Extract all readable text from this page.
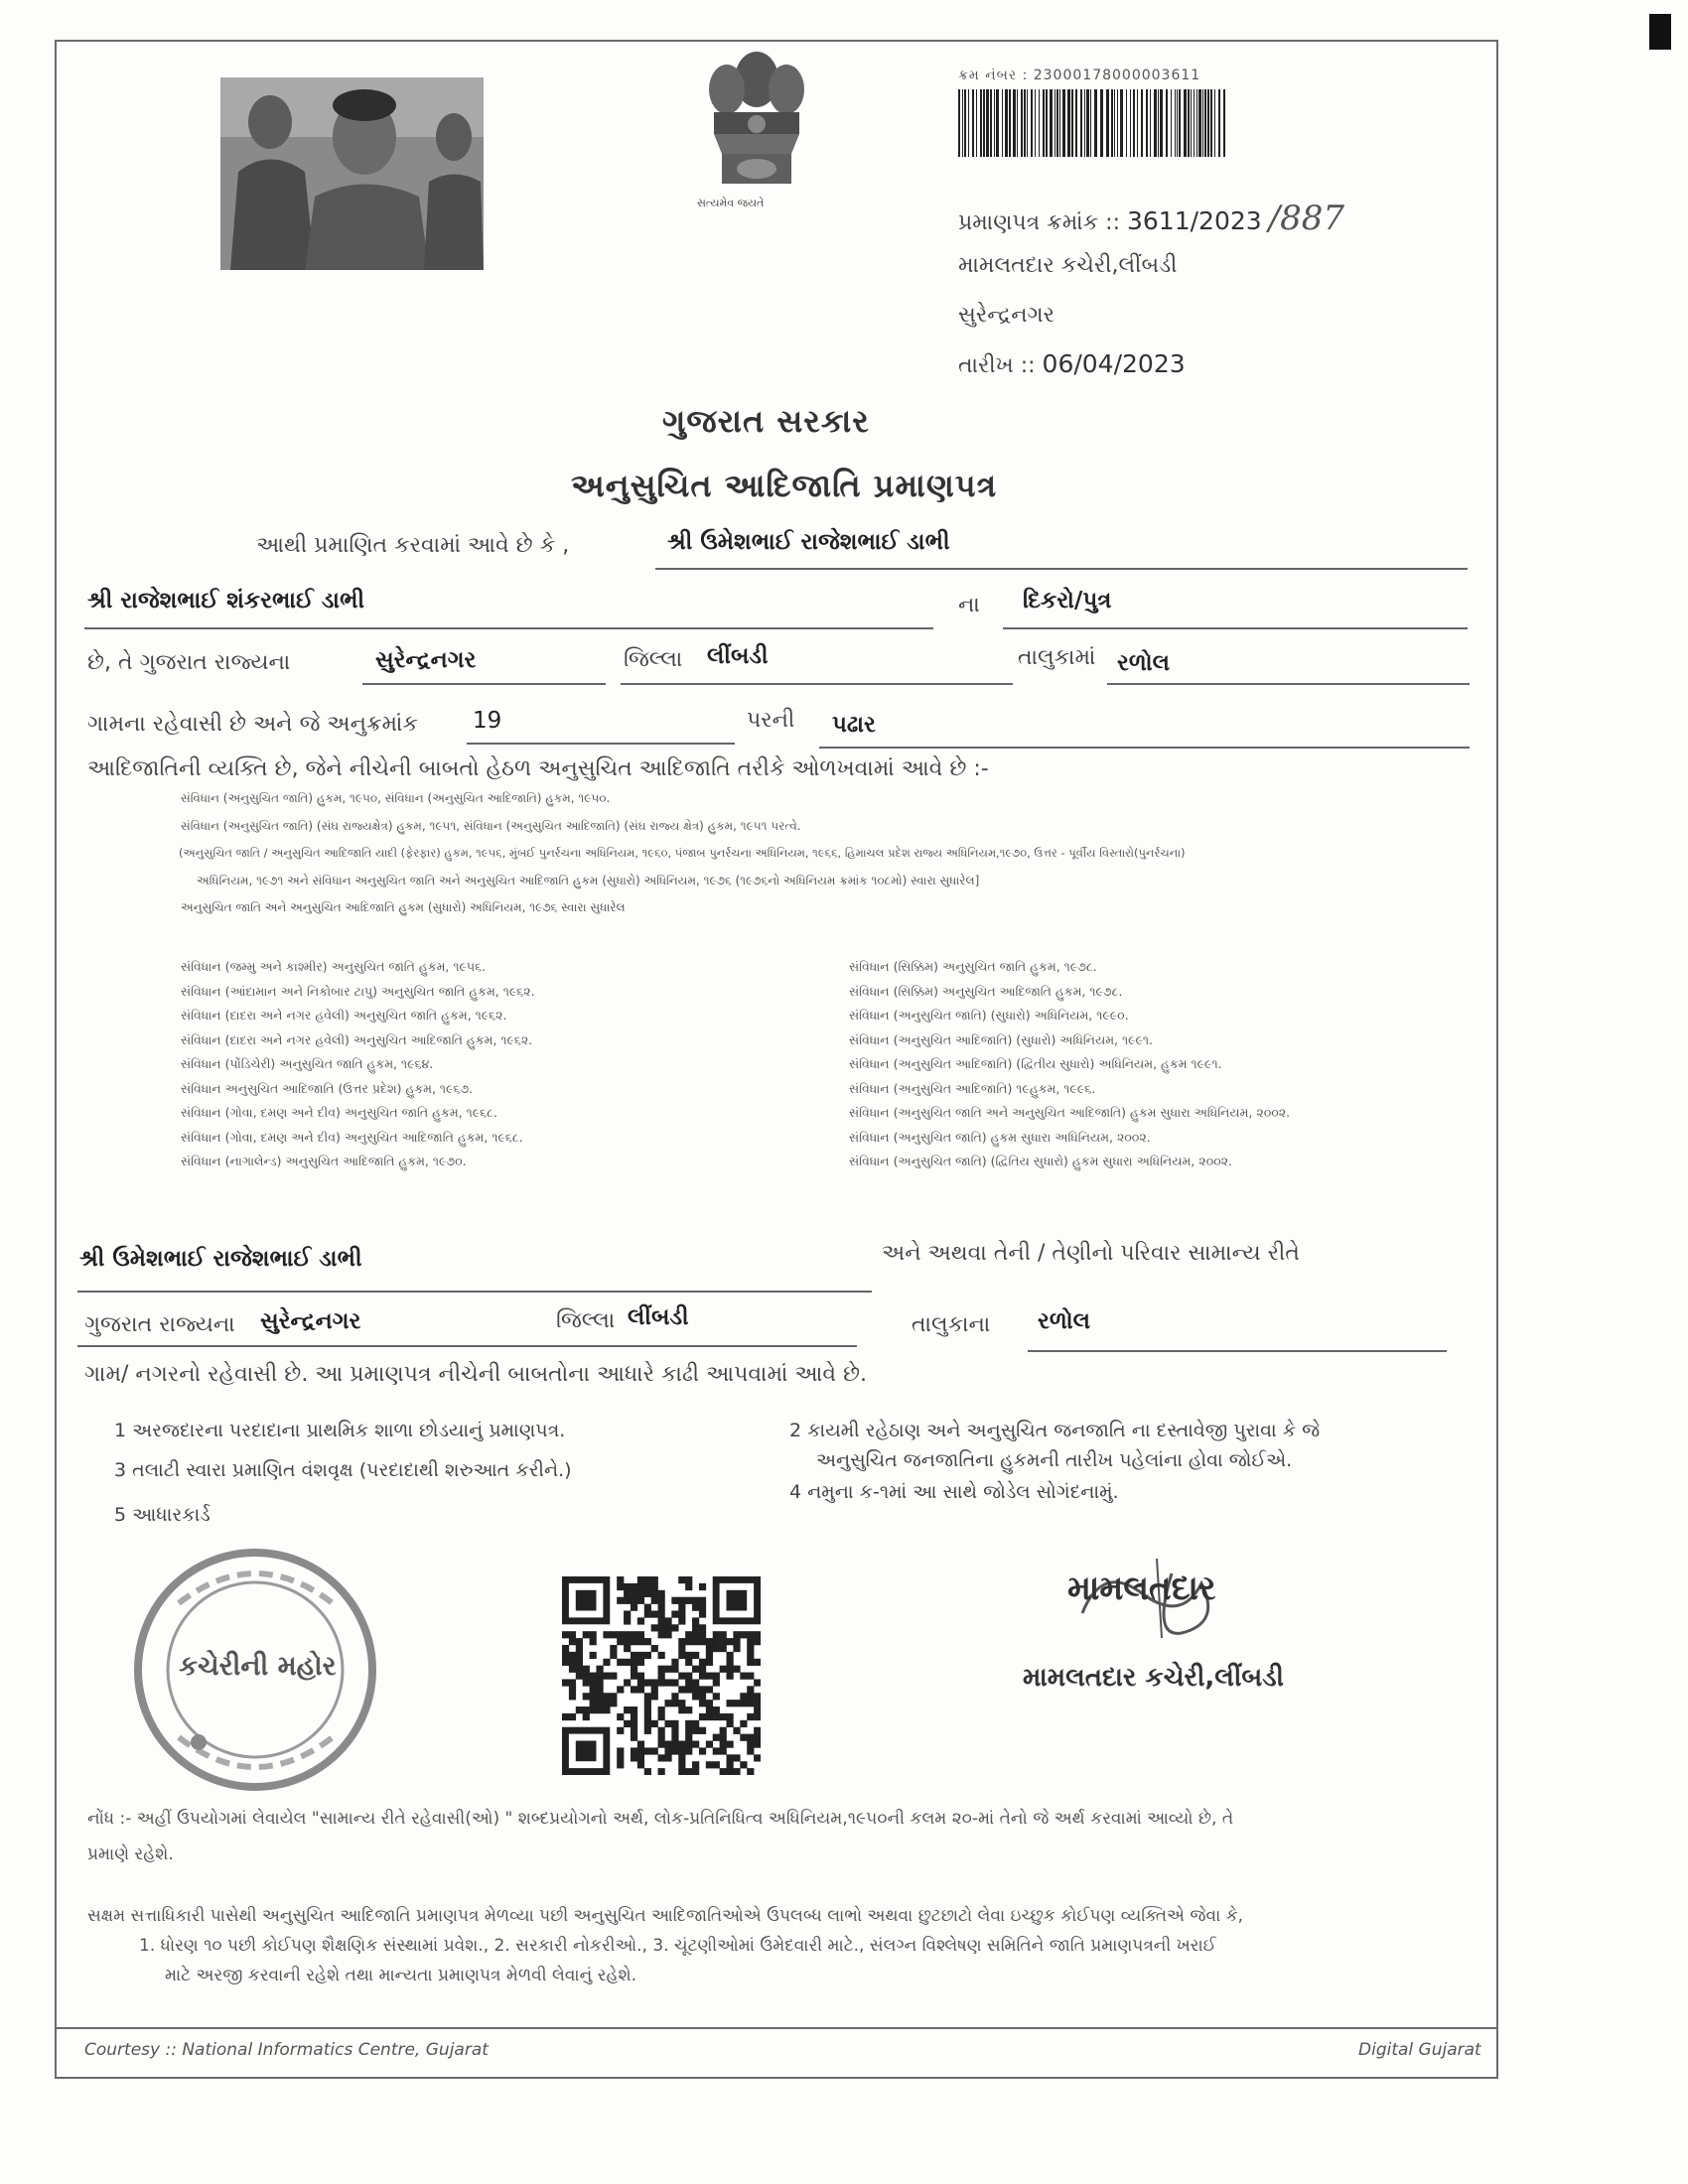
સત્યમેવ જયતે
ક્રમ નંબર : 23000178000003611
પ્રમાણપત્ર ક્રમાંક :: 3611/2023 /887
મામલતદાર કચેરી,લીંબડી
સુરેન્દ્રનગર
તારીખ :: 06/04/2023
ગુજરાત સરકાર
અનુસુચિત આદિજાતિ પ્રમાણપત્ર
આથી પ્રમાણિત કરવામાં આવે છે કે ,	શ્રી ઉમેશભાઈ રાજેશભાઈ ડાભી
શ્રી રાજેશભાઈ શંકરભાઈ ડાભી	ના દિકરો/પુત્ર
છે, તે ગુજરાત રાજ્યના	સુરેન્દ્રનગર	જિલ્લા લીંબડી	તાલુકામાં રળોલ
ગામના રહેવાસી છે અને જે અનુક્રમાંક 19	પરની પઢાર
આદિજાતિની વ્યક્તિ છે, જેને નીચેની બાબતો હેઠળ અનુસુચિત આદિજાતિ તરીકે ઓળખવામાં આવે છે :-
સંવિધાન (અનુસુચિત જાતિ) હુકમ, ૧૯૫૦, સંવિધાન (અનુસુચિત આદિજાતિ) હુકમ, ૧૯૫૦.
સંવિધાન (અનુસુચિત જાતિ) (સંઘ રાજ્યક્ષેત્ર) હુકમ, ૧૯૫૧, સંવિધાન (અનુસુચિત આદિજાતિ) (સંઘ રાજ્ય ક્ષેત્ર) હુકમ, ૧૯૫૧ પરત્વે.
(અનુસુચિત જાતિ / અનુસુચિત આદિજાતિ યાદી (ફેરફાર) હુકમ, ૧૯૫૬, મુંબઈ પુનર્રચના અધિનિયમ, ૧૯૬૦, પંજાબ પુનર્રચના અધિનિયમ, ૧૯૬૬, હિમાચલ પ્રદેશ રાજ્ય અધિનિયમ,૧૯૭૦, ઉત્તર - પૂર્વીય વિસ્તારો(પુનર્રચના)
અધિનિયમ, ૧૯૭૧ અને સંવિધાન અનુસુચિત જાતિ અને અનુસુચિત આદિજાતિ હુકમ (સુધારો) અધિનિયમ, ૧૯૭૬ (૧૯૭૬નો અધિનિયમ ક્રમાંક ૧૦૮મો) સ્વારા સુધારેલ]
અનુસુચિત જાતિ અને અનુસુચિત આદિજાતિ હુકમ (સુધારો) અધિનિયમ, ૧૯૭૬ સ્વારા સુધારેલ
સંવિધાન (જમ્મુ અને કાશ્મીર) અનુસુચિત જાતિ હુકમ, ૧૯૫૬.
સંવિધાન (આંદામાન અને નિકોબાર ટાપુ) અનુસુચિત જાતિ હુકમ, ૧૯૬૨.
સંવિધાન (દાદરા અને નગર હવેલી) અનુસુચિત જાતિ હુકમ, ૧૯૬૨.
સંવિધાન (દાદરા અને નગર હવેલી) અનુસુચિત આદિજાતિ હુકમ, ૧૯૬૨.
સંવિધાન (પોંડિચેરી) અનુસુચિત જાતિ હુકમ, ૧૯૬૪.
સંવિધાન અનુસુચિત આદિજાતિ (ઉત્તર પ્રદેશ) હુકમ, ૧૯૬૭.
સંવિધાન (ગોવા, દમણ અને દીવ) અનુસુચિત જાતિ હુકમ, ૧૯૬૮.
સંવિધાન (ગોવા, દમણ અને દીવ) અનુસુચિત આદિજાતિ હુકમ, ૧૯૬૮.
સંવિધાન (નાગાલેન્ડ) અનુસુચિત આદિજાતિ હુકમ, ૧૯૭૦.
સંવિધાન (સિક્કિમ) અનુસુચિત જાતિ હુકમ, ૧૯૭૮.
સંવિધાન (સિક્કિમ) અનુસુચિત આદિજાતિ હુકમ, ૧૯૭૮.
સંવિધાન (અનુસુચિત જાતિ) (સુધારો) અધિનિયમ, ૧૯૯૦.
સંવિધાન (અનુસુચિત આદિજાતિ) (સુધારો) અધિનિયમ, ૧૯૯૧.
સંવિધાન (અનુસુચિત આદિજાતિ) (દ્વિતીય સુધારો) અધિનિયમ, હુકમ ૧૯૯૧.
સંવિધાન (અનુસુચિત આદિજાતિ) ૧૯હુકમ, ૧૯૯૬.
સંવિધાન (અનુસુચિત જાતિ અને અનુસુચિત આદિજાતિ) હુકમ સુધારા અધિનિયમ, ૨૦૦૨.
સંવિધાન (અનુસુચિત જાતિ) હુકમ સુધારા અધિનિયમ, ૨૦૦૨.
સંવિધાન (અનુસુચિત જાતિ) (દ્વિતિય સુધારો) હુકમ સુધારા અધિનિયમ, ૨૦૦૨.
શ્રી ઉમેશભાઈ રાજેશભાઈ ડાભી	અને અથવા તેની / તેણીનો પરિવાર સામાન્ય રીતે
ગુજરાત રાજ્યના સુરેન્દ્રનગર	જિલ્લા લીંબડી	તાલુકાના રળોલ
ગામ/ નગરનો રહેવાસી છે. આ પ્રમાણપત્ર નીચેની બાબતોના આધારે કાઢી આપવામાં આવે છે.
1 અરજદારના પરદાદાના પ્રાથમિક શાળા છોડયાનું પ્રમાણપત્ર.
3 તલાટી સ્વારા પ્રમાણિત વંશવૃક્ષ (પરદાદાથી શરુઆત કરીને.)
5 આધારકાર્ડ
2 કાયમી રહેઠાણ અને અનુસુચિત જનજાતિ ના દસ્તાવેજી પુરાવા કે જે
અનુસુચિત જનજાતિના હુકમની તારીખ પહેલાંના હોવા જોઈએ.
4 નમુના ક-૧માં આ સાથે જોડેલ સોગંદનામું.
કચેરીની મહોર
મામલતદાર
મામલતદાર કચેરી,લીંબડી
નોંધ :- અહીં ઉપયોગમાં લેવાયેલ "સામાન્ય રીતે રહેવાસી(ઓ) " શબ્દપ્રયોગનો અર્થ, લોક-પ્રતિનિધિત્વ અધિનિયમ,૧૯૫૦ની કલમ ૨૦-માં તેનો જે અર્થ કરવામાં આવ્યો છે, તે
પ્રમાણે રહેશે.
સક્ષમ સત્તાધિકારી પાસેથી અનુસુચિત આદિજાતિ પ્રમાણપત્ર મેળવ્યા પછી અનુસુચિત આદિજાતિઓએ ઉપલબ્ધ લાભો અથવા છુટછાટો લેવા ઇચ્છુક કોઈપણ વ્યક્તિએ જેવા કે,
1. ધોરણ ૧૦ પછી કોઈપણ શૈક્ષણિક સંસ્થામાં પ્રવેશ., 2. સરકારી નોકરીઓ., 3. ચૂંટણીઓમાં ઉમેદવારી માટે., સંલગ્ન વિશ્લેષણ સમિતિને જાતિ પ્રમાણપત્રની ખરાઈ
માટે અરજી કરવાની રહેશે તથા માન્યતા પ્રમાણપત્ર મેળવી લેવાનું રહેશે.
Courtesy :: National Informatics Centre, Gujarat	Digital Gujarat
